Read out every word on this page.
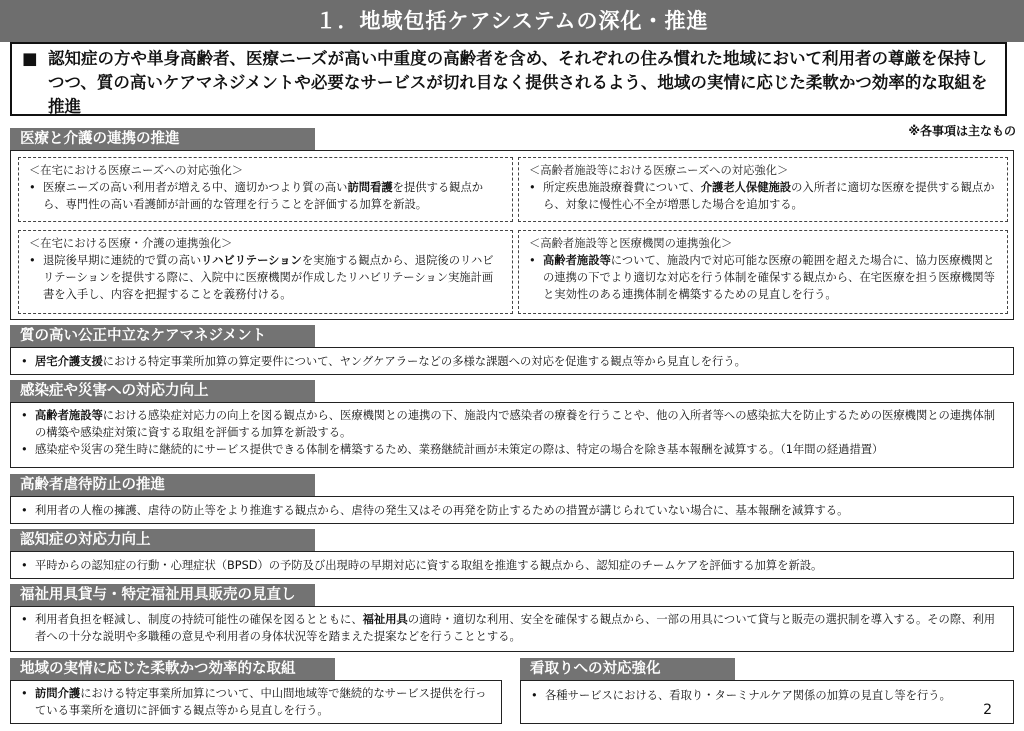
１．地域包括ケアシステムの深化・推進
■ 認知症の方や単身高齢者、医療ニーズが高い中重度の高齢者を含め、それぞれの住み慣れた地域において利用者の尊厳を保持しつつ、質の高いケアマネジメントや必要なサービスが切れ目なく提供されるよう、地域の実情に応じた柔軟かつ効率的な取組を推進
医療と介護の連携の推進	※各事項は主なもの
＜在宅における医療ニーズへの対応強化＞
• 医療ニーズの高い利用者が増える中、適切かつより質の高い訪問看護を提供する観点から、専門性の高い看護師が計画的な管理を行うことを評価する加算を新設。
＜高齢者施設等における医療ニーズへの対応強化＞
• 所定疾患施設療養費について、介護老人保健施設の入所者に適切な医療を提供する観点から、対象に慢性心不全が増悪した場合を追加する。
＜在宅における医療・介護の連携強化＞
• 退院後早期に連続的で質の高いリハビリテーションを実施する観点から、退院後のリハビリテーションを提供する際に、入院中に医療機関が作成したリハビリテーション実施計画書を入手し、内容を把握することを義務付ける。
＜高齢者施設等と医療機関の連携強化＞
• 高齢者施設等について、施設内で対応可能な医療の範囲を超えた場合に、協力医療機関との連携の下でより適切な対応を行う体制を確保する観点から、在宅医療を担う医療機関等と実効性のある連携体制を構築するための見直しを行う。
質の高い公正中立なケアマネジメント
• 居宅介護支援における特定事業所加算の算定要件について、ヤングケアラーなどの多様な課題への対応を促進する観点等から見直しを行う。
感染症や災害への対応力向上
• 高齢者施設等における感染症対応力の向上を図る観点から、医療機関との連携の下、施設内で感染者の療養を行うことや、他の入所者等への感染拡大を防止するための医療機関との連携体制の構築や感染症対策に資する取組を評価する加算を新設する。
• 感染症や災害の発生時に継続的にサービス提供できる体制を構築するため、業務継続計画が未策定の際は、特定の場合を除き基本報酬を減算する。（1年間の経過措置）
高齢者虐待防止の推進
• 利用者の人権の擁護、虐待の防止等をより推進する観点から、虐待の発生又はその再発を防止するための措置が講じられていない場合に、基本報酬を減算する。
認知症の対応力向上
• 平時からの認知症の行動・心理症状（BPSD）の予防及び出現時の早期対応に資する取組を推進する観点から、認知症のチームケアを評価する加算を新設。
福祉用具貸与・特定福祉用具販売の見直し
• 利用者負担を軽減し、制度の持続可能性の確保を図るとともに、福祉用具の適時・適切な利用、安全を確保する観点から、一部の用具について貸与と販売の選択制を導入する。その際、利用者への十分な説明や多職種の意見や利用者の身体状況等を踏まえた提案などを行うこととする。
地域の実情に応じた柔軟かつ効率的な取組
• 訪問介護における特定事業所加算について、中山間地域等で継続的なサービス提供を行っている事業所を適切に評価する観点等から見直しを行う。
看取りへの対応強化
• 各種サービスにおける、看取り・ターミナルケア関係の加算の見直し等を行う。
2
